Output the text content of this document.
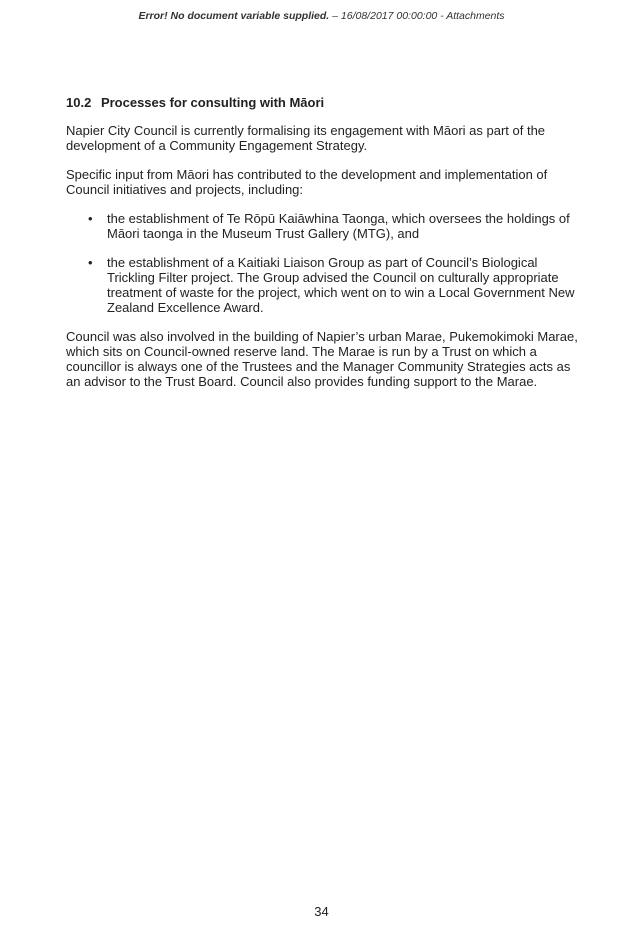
Error! No document variable supplied. – 16/08/2017 00:00:00 - Attachments
10.2 Processes for consulting with Māori

Napier City Council is currently formalising its engagement with Māori as part of the development of a Community Engagement Strategy.

Specific input from Māori has contributed to the development and implementation of Council initiatives and projects, including:

• the establishment of Te Rōpū Kaiāwhina Taonga, which oversees the holdings of Māori taonga in the Museum Trust Gallery (MTG), and
• the establishment of a Kaitiaki Liaison Group as part of Council’s Biological Trickling Filter project. The Group advised the Council on culturally appropriate treatment of waste for the project, which went on to win a Local Government New Zealand Excellence Award.

Council was also involved in the building of Napier’s urban Marae, Pukemokimoki Marae, which sits on Council-owned reserve land. The Marae is run by a Trust on which a councillor is always one of the Trustees and the Manager Community Strategies acts as an advisor to the Trust Board. Council also provides funding support to the Marae.

34
